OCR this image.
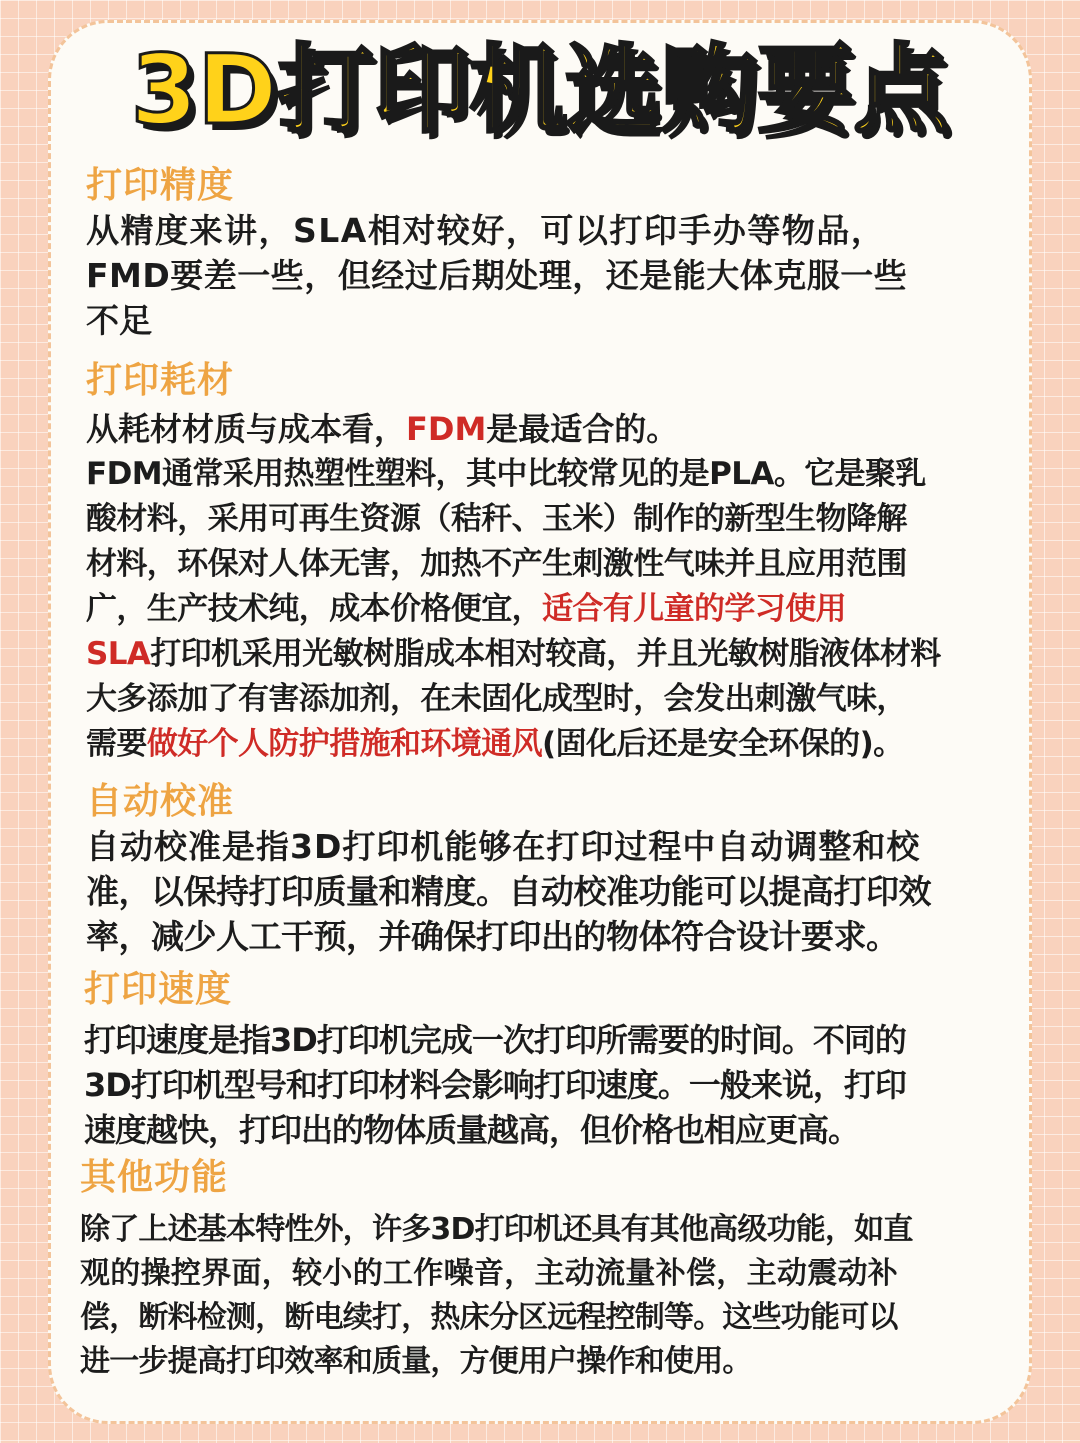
3D打印机选购要点
打印精度

从精度来讲，SLA相对较好，可以打印手办等物品，

FMD要差一些，但经过后期处理，还是能大体克服一些

不足

打印耗材

从耗材材质与成本看，FDM是最适合的。

FDM通常采用热塑性塑料，其中比较常见的是PLA。它是聚乳

酸材料，采用可再生资源（秸秆、玉米）制作的新型生物降解

材料，环保对人体无害，加热不产生刺激性气味并且应用范围

广，生产技术纯，成本价格便宜，适合有儿童的学习使用

SLA打印机采用光敏树脂成本相对较高，并且光敏树脂液体材料

大多添加了有害添加剂，在未固化成型时，会发出刺激气味，

需要做好个人防护措施和环境通风(固化后还是安全环保的)。

自动校准

自动校准是指3D打印机能够在打印过程中自动调整和校

准，以保持打印质量和精度。自动校准功能可以提高打印效

率，减少人工干预，并确保打印出的物体符合设计要求。

打印速度

打印速度是指3D打印机完成一次打印所需要的时间。不同的

3D打印机型号和打印材料会影响打印速度。一般来说，打印

速度越快，打印出的物体质量越高，但价格也相应更高。

其他功能

除了上述基本特性外，许多3D打印机还具有其他高级功能，如直

观的操控界面，较小的工作噪音，主动流量补偿，主动震动补

偿，断料检测，断电续打，热床分区远程控制等。这些功能可以

进一步提高打印效率和质量，方便用户操作和使用。
